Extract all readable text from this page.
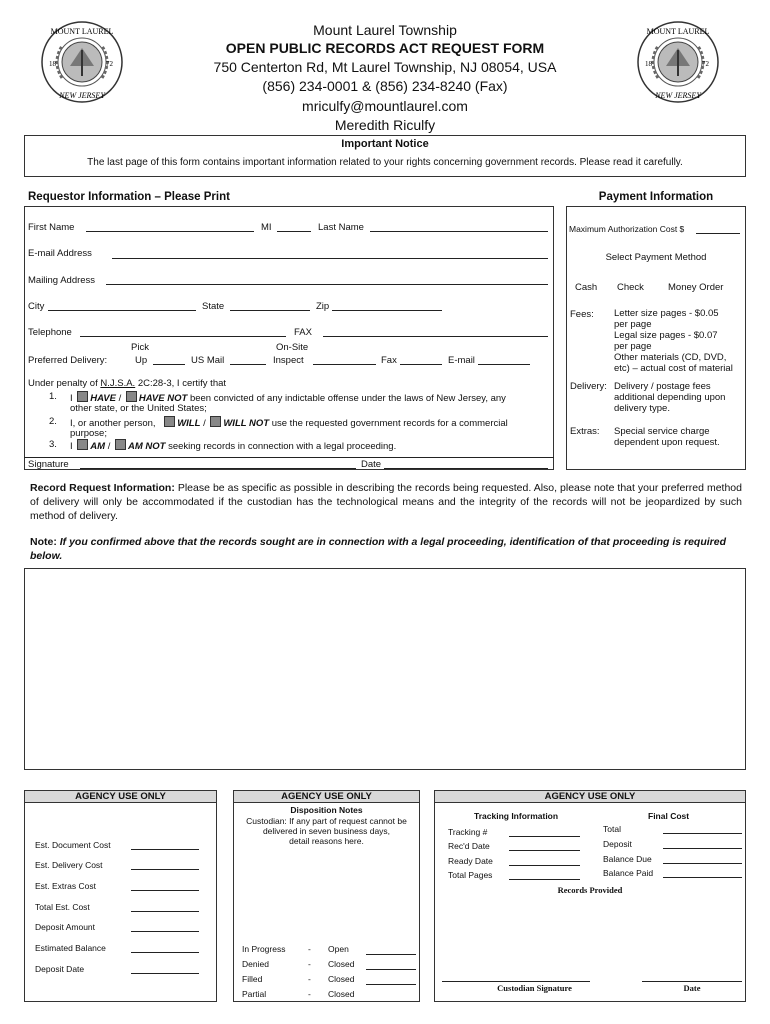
MOUNT LAUREL
NEW JERSEY
18	72
MOUNT LAUREL
NEW JERSEY
18	72
Mount Laurel Township
OPEN PUBLIC RECORDS ACT REQUEST FORM
750 Centerton Rd, Mt Laurel Township, NJ 08054, USA
(856) 234-0001 & (856) 234-8240 (Fax)
mriculfy@mountlaurel.com
Meredith Riculfy
Important Notice
The last page of this form contains important information related to your rights concerning government records. Please read it carefully.
Requestor Information – Please Print
First Name	MI	Last Name
E-mail Address
Mailing Address
City	State	Zip
Telephone	FAX
Pick	On-Site
Preferred Delivery:	Up	US Mail	Inspect	Fax	E-mail
Under penalty of N.J.S.A. 2C:28-3, I certify that
1. I HAVE / HAVE NOT been convicted of any indictable offense under the laws of New Jersey, any
other state, or the United States;
2. I, or another person, WILL / WILL NOT use the requested government records for a commercial
purpose;
3. I AM / AM NOT seeking records in connection with a legal proceeding.
Signature	Date
Payment Information
Maximum Authorization Cost $
Select Payment Method
Cash Check	Money Order
Fees: Letter size pages - $0.05
per page
Legal size pages - $0.07
per page
Other materials (CD, DVD,
etc) – actual cost of material
Delivery: Delivery / postage fees
additional depending upon
delivery type.
Extras: Special service charge
dependent upon request.
Record Request Information: Please be as specific as possible in describing the records being requested. Also, please note that your preferred method of delivery will only be accommodated if the custodian has the technological means and the integrity of the records will not be jeopardized by such method of delivery.
Note: If you confirmed above that the records sought are in connection with a legal proceeding, identification of that proceeding is required below.
AGENCY USE ONLY
Est. Document Cost
Est. Delivery Cost
Est. Extras Cost
Total Est. Cost
Deposit Amount
Estimated Balance
Deposit Date
AGENCY USE ONLY
Disposition Notes
Custodian: If any part of request cannot be
delivered in seven business days,
detail reasons here.
In Progress	- Open
Denied	- Closed
Filled	- Closed
Partial	- Closed
AGENCY USE ONLY
Tracking Information	Final Cost
Tracking #
Rec'd Date
Ready Date
Total Pages
Total
Deposit
Balance Due
Balance Paid
Records Provided
Custodian Signature	Date
